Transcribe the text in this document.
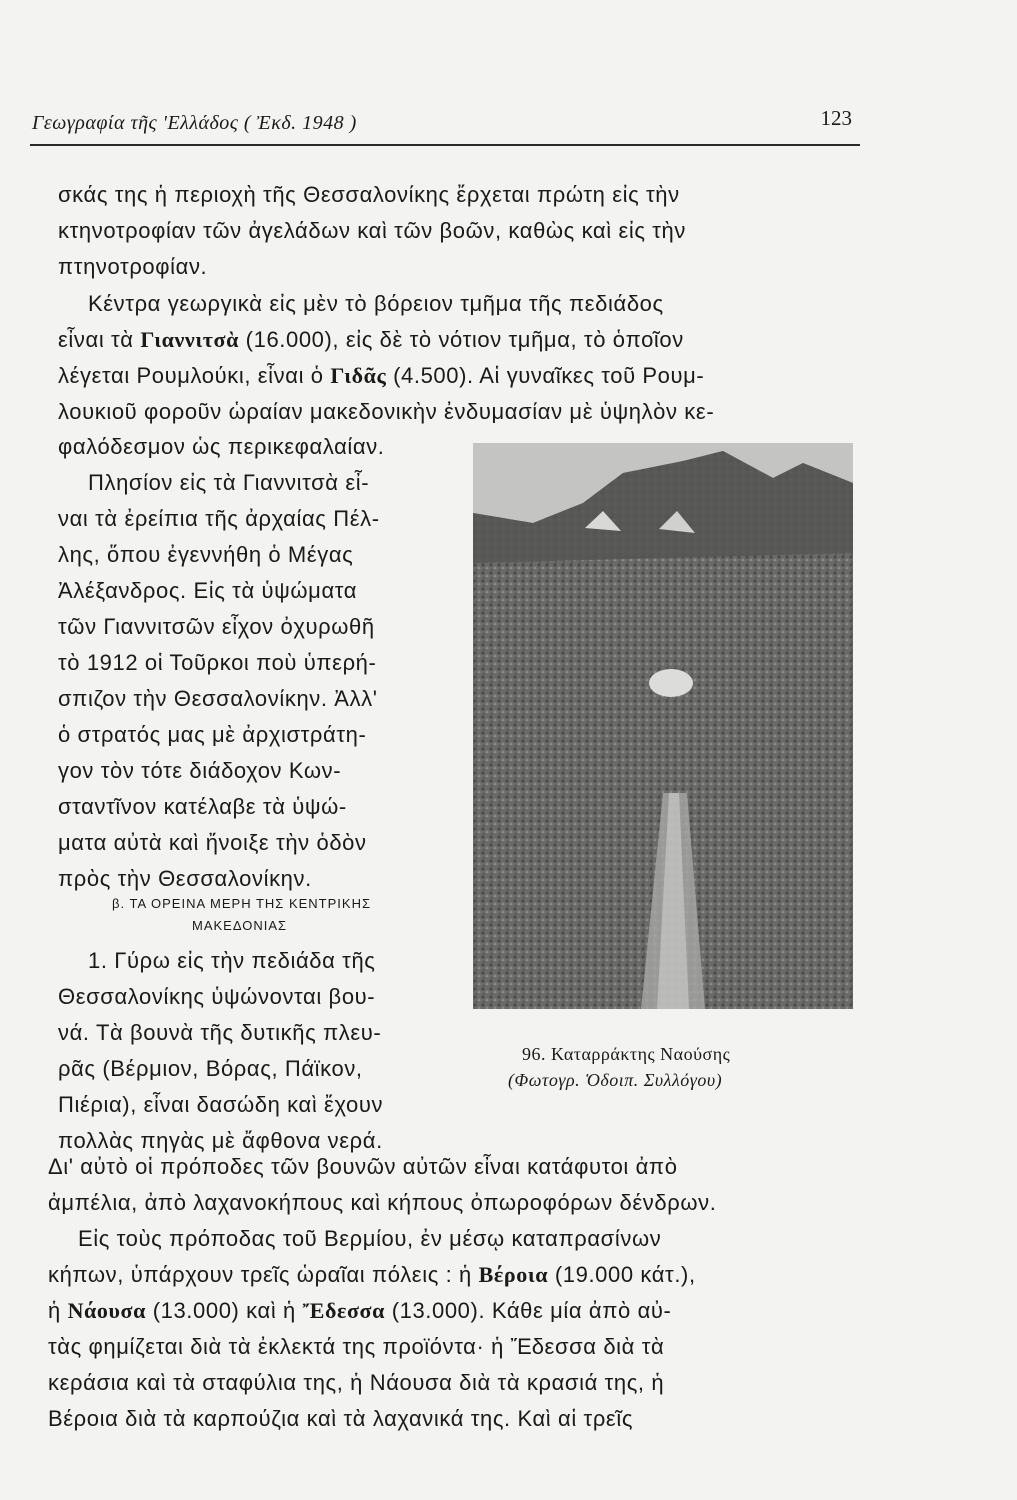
Γεωγραφία τῆς 'Ελλάδος ( Ἐκδ. 1948 )	123
σκάς της ἡ περιοχὴ τῆς Θεσσαλονίκης ἔρχεται πρώτη εἰς τὴν
κτηνοτροφίαν τῶν ἀγελάδων καὶ τῶν βοῶν, καθὼς καὶ εἰς τὴν
πτηνοτροφίαν.
Κέντρα γεωργικὰ εἰς μὲν τὸ βόρειον τμῆμα τῆς πεδιάδος
εἶναι τὰ Γιαννιτσὰ (16.000), εἰς δὲ τὸ νότιον τμῆμα, τὸ ὁποῖον
λέγεται Ρουμλούκι, εἶναι ὁ Γιδᾶς (4.500). Αἱ γυναῖκες τοῦ Ρουμ-
λουκιοῦ φοροῦν ὡραίαν μακεδονικὴν ἐνδυμασίαν μὲ ὑψηλὸν κε-
φαλόδεσμον ὡς περικεφαλαίαν.
Πλησίον εἰς τὰ Γιαννιτσὰ εἶ-
ναι τὰ ἐρείπια τῆς ἀρχαίας Πέλ-
λης, ὅπου ἐγεννήθη ὁ Μέγας
Ἀλέξανδρος. Εἰς τὰ ὑψώματα
τῶν Γιαννιτσῶν εἶχον ὀχυρωθῆ
τὸ 1912 οἱ Τοῦρκοι ποὺ ὑπερή-
σπιζον τὴν Θεσσαλονίκην. Ἀλλ'
ὁ στρατός μας μὲ ἀρχιστράτη-
γον τὸν τότε διάδοχον Κων-
σταντῖνον κατέλαβε τὰ ὑψώ-
ματα αὐτὰ καὶ ἤνοιξε τὴν ὁδὸν
πρὸς τὴν Θεσσαλονίκην.
β. ΤΑ ΟΡΕΙΝΑ ΜΕΡΗ ΤΗΣ ΚΕΝΤΡΙΚΗΣ
ΜΑΚΕΔΟΝΙΑΣ
1. Γύρω εἰς τὴν πεδιάδα τῆς
Θεσσαλονίκης ὑψώνονται βου-
νά. Τὰ βουνὰ τῆς δυτικῆς πλευ-
ρᾶς (Βέρμιον, Βόρας, Πάϊκον,
Πιέρια), εἶναι δασώδη καὶ ἔχουν
πολλὰς πηγὰς μὲ ἄφθονα νερά.
96. Καταρράκτης Ναούσης
(Φωτογρ. Ὁδοιπ. Συλλόγου)
Δι' αὐτὸ οἱ πρόποδες τῶν βουνῶν αὐτῶν εἶναι κατάφυτοι ἀπὸ
ἀμπέλια, ἀπὸ λαχανοκήπους καὶ κήπους ὀπωροφόρων δένδρων.
Εἰς τοὺς πρόποδας τοῦ Βερμίου, ἐν μέσῳ καταπρασίνων
κήπων, ὑπάρχουν τρεῖς ὡραῖαι πόλεις : ἡ Βέροια (19.000 κάτ.),
ἡ Νάουσα (13.000) καὶ ἡ Ἔδεσσα (13.000). Κάθε μία ἀπὸ αὐ-
τὰς φημίζεται διὰ τὰ ἐκλεκτά της προϊόντα· ἡ Ἔδεσσα διὰ τὰ
κεράσια καὶ τὰ σταφύλια της, ἡ Νάουσα διὰ τὰ κρασιά της, ἡ
Βέροια διὰ τὰ καρπούζια καὶ τὰ λαχανικά της. Καὶ αἱ τρεῖς
